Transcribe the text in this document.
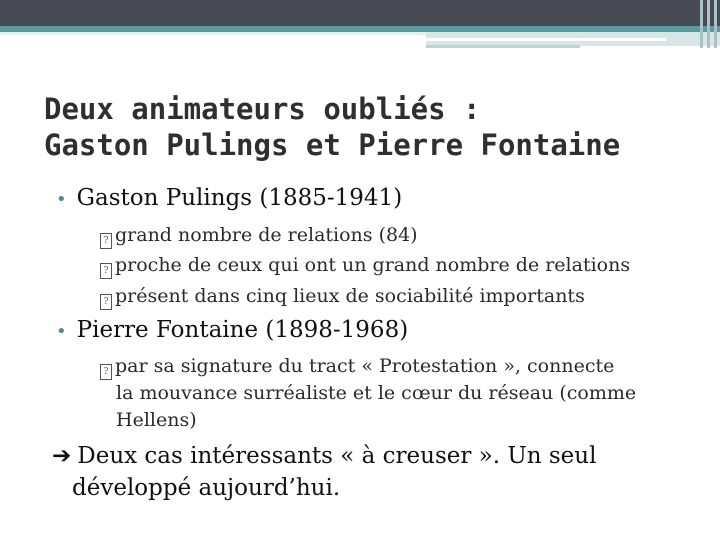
Deux animateurs oubliés :
Gaston Pulings et Pierre Fontaine
• Gaston Pulings (1885-1941)
? grand nombre de relations (84)
? proche de ceux qui ont un grand nombre de relations
? présent dans cinq lieux de sociabilité importants
• Pierre Fontaine (1898-1968)
? par sa signature du tract « Protestation », connecte
la mouvance surréaliste et le cœur du réseau (comme
Hellens)
➔ Deux cas intéressants « à creuser ». Un seul
développé aujourd’hui.
